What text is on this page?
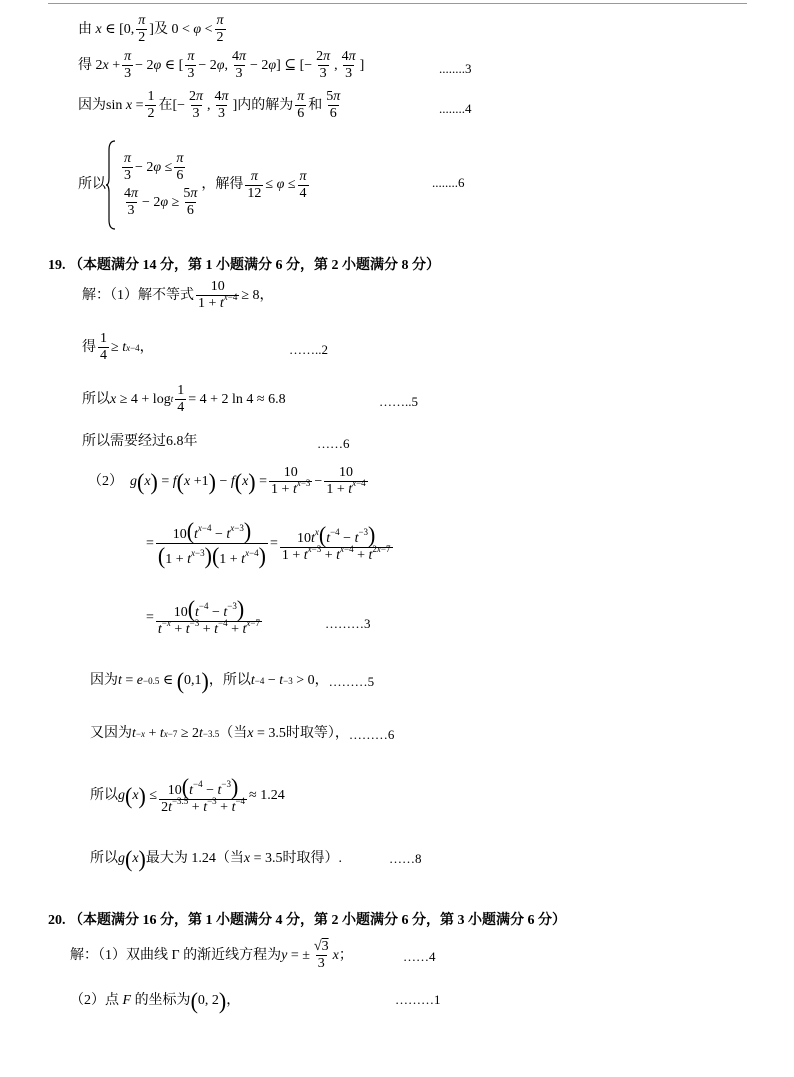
由 x ∈ [0,
π
2
] 及 0 < φ <
π
2
得 2 x +
π
3
− 2 φ ∈ [
π
3
− 2 φ ,
4π
3
− 2 φ ] ⊆ [−
2π
3
,
4π
3
]	........3
因为 sin x =
1
2
在 [−
2π
3
,
4π
3
] 内的解为
π
6
和
5π
6	........4
所以
π
3
− 2 φ ≤
π
6
4π
3
− 2 φ ≥
5π
6
，解得
π
12
≤ φ ≤
π
4
........6
19. （本题满分 14 分，第 1 小题满分 6 分，第 2 小题满分 8 分）
解：（1）解不等式
10
$1 + t^{x-4} \ge 8$，
得
1
4
≥ t x−4 ，	……..2
所以 x ≥ 4 + log t
1
4
= 4 + 2 ln 4 ≈ 6.8	……..5
所以需要经过 6.8 年	……6
（2）
g ( x ) = f ( x +1 ) − f ( x ) =
10
$1 + t^{x-3}$ −
10
$1 + t^{x-4}$
=
$10(t^{x-4} - t^{x-3})$
$(1 + t^{x-3})(1 + t^{x-4}) = 10t^x(t^{-4} - t^{-3})$
$1 + t^{x-3} + t^{x-4} + t^{2x-7}$
= $10(t^{-4} - t^{-3})$
$t^{-x} + t^{-3} + t^{-4} + t^{x-7}$	………3
因为 t = e −0.5 ∈ ( 0,1 ) ，所以 t −4 − t −3 > 0 ， ………5
又因为 t −x + t x−7 ≥ 2 t −3.5 （当 x = 3.5 时取等）， ………6
所以 g ( x ) ≤ $10(t^{-4} - t^{-3})$
$2t^{-3.5} + t^{-3} + t^{-4} \approx 1.24$
所以 g ( x ) 最大为 1.24（当 x = 3.5 时取得）.	……8
20. （本题满分 16 分，第 1 小题满分 4 分，第 2 小题满分 6 分，第 3 小题满分 6 分）
解：（1）双曲线 Γ 的渐近线方程为 y = ±
√3
3
x ；	……4
（2）点
F
的坐标为 ( 0, 2 ) ，	………1
